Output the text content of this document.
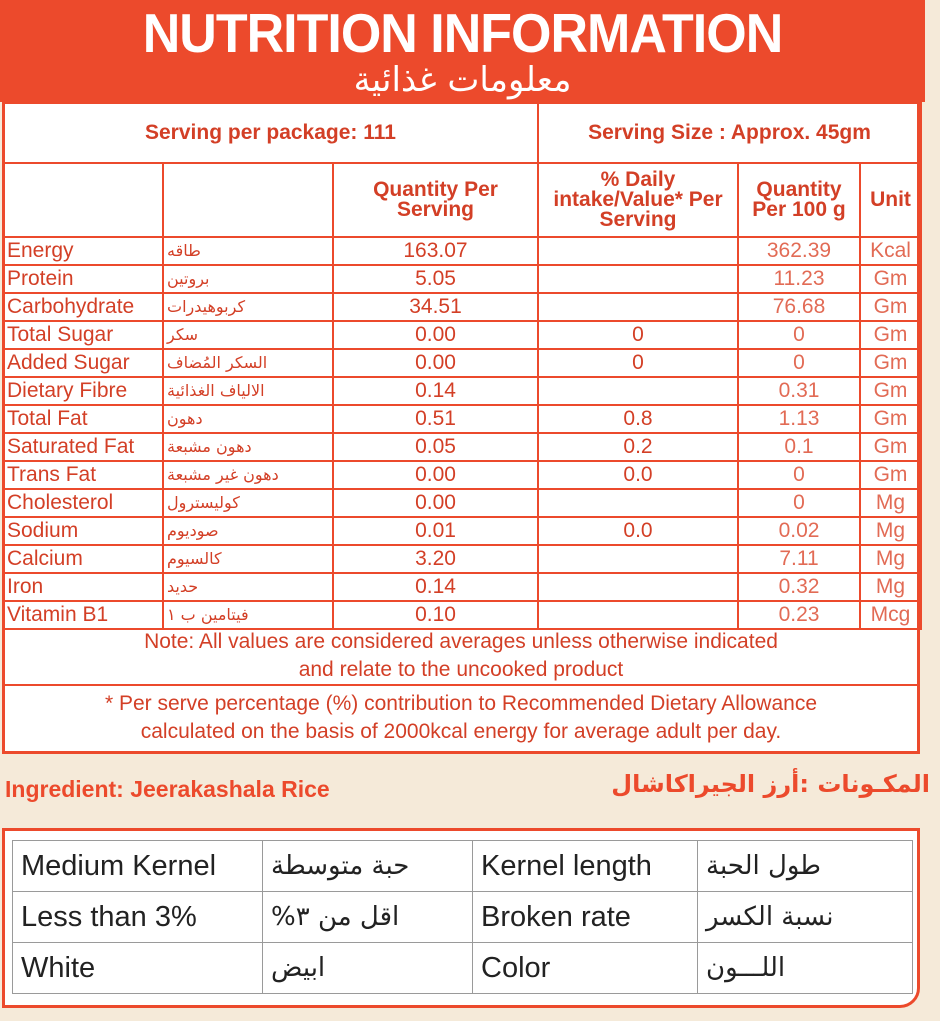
NUTRITION INFORMATION
معلومات غذائية
Serving per package: 111			Serving Size : Approx. 45gm		
		Quantity Per Serving	% Daily intake/Value* Per Serving	Quantity Per 100 g	Unit
Energy	طاقه	163.07		362.39	Kcal
Protein	بروتين	5.05		11.23	Gm
Carbohydrate	كربوهيدرات	34.51		76.68	Gm
Total Sugar	سكر	0.00	0	0	Gm
Added Sugar	السكر المُضاف	0.00	0	0	Gm
Dietary Fibre	الالياف الغذائية	0.14		0.31	Gm
Total Fat	دهون	0.51	0.8	1.13	Gm
Saturated Fat	دهون مشبعة	0.05	0.2	0.1	Gm
Trans Fat	دهون غير مشبعة	0.00	0.0	0	Gm
Cholesterol	كوليسترول	0.00		0	Mg
Sodium	صوديوم	0.01	0.0	0.02	Mg
Calcium	كالسيوم	3.20		7.11	Mg
Iron	حديد	0.14		0.32	Mg
Vitamin B1	فيتامين ب ١	0.10		0.23	Mcg
Note: All values are considered averages unless otherwise indicated
and relate to the uncooked product
* Per serve percentage (%) contribution to Recommended Dietary Allowance
calculated on the basis of 2000kcal energy for average adult per day.
Ingredient: Jeerakashala Rice	المكـونات :أرز الجيراكاشال
Medium Kernel	حبة متوسطة	Kernel length	طول الحبة
Less than 3%	اقل من ٣%	Broken rate	نسبة الكسر
White	ابيض	Color	اللـــون
